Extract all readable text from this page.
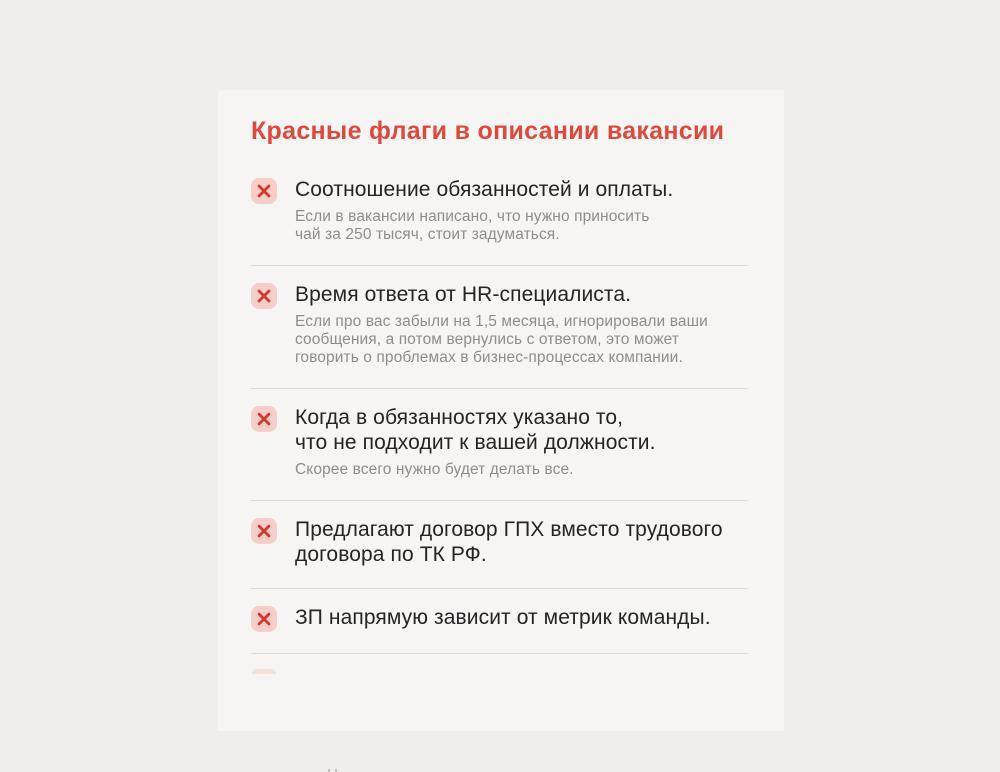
Красные флаги в описании вакансии
Соотношение обязанностей и оплаты.
Если в вакансии написано, что нужно приносить
чай за 250 тысяч, стоит задуматься.
Время ответа от HR-специалиста.
Если про вас забыли на 1,5 месяца, игнорировали ваши
сообщения, а потом вернулись с ответом, это может
говорить о проблемах в бизнес-процессах компании.
Когда в обязанностях указано то,
что не подходит к вашей должности.
Скорее всего нужно будет делать все.
Предлагают договор ГПХ вместо трудового
договора по ТК РФ.
ЗП напрямую зависит от метрик команды.
